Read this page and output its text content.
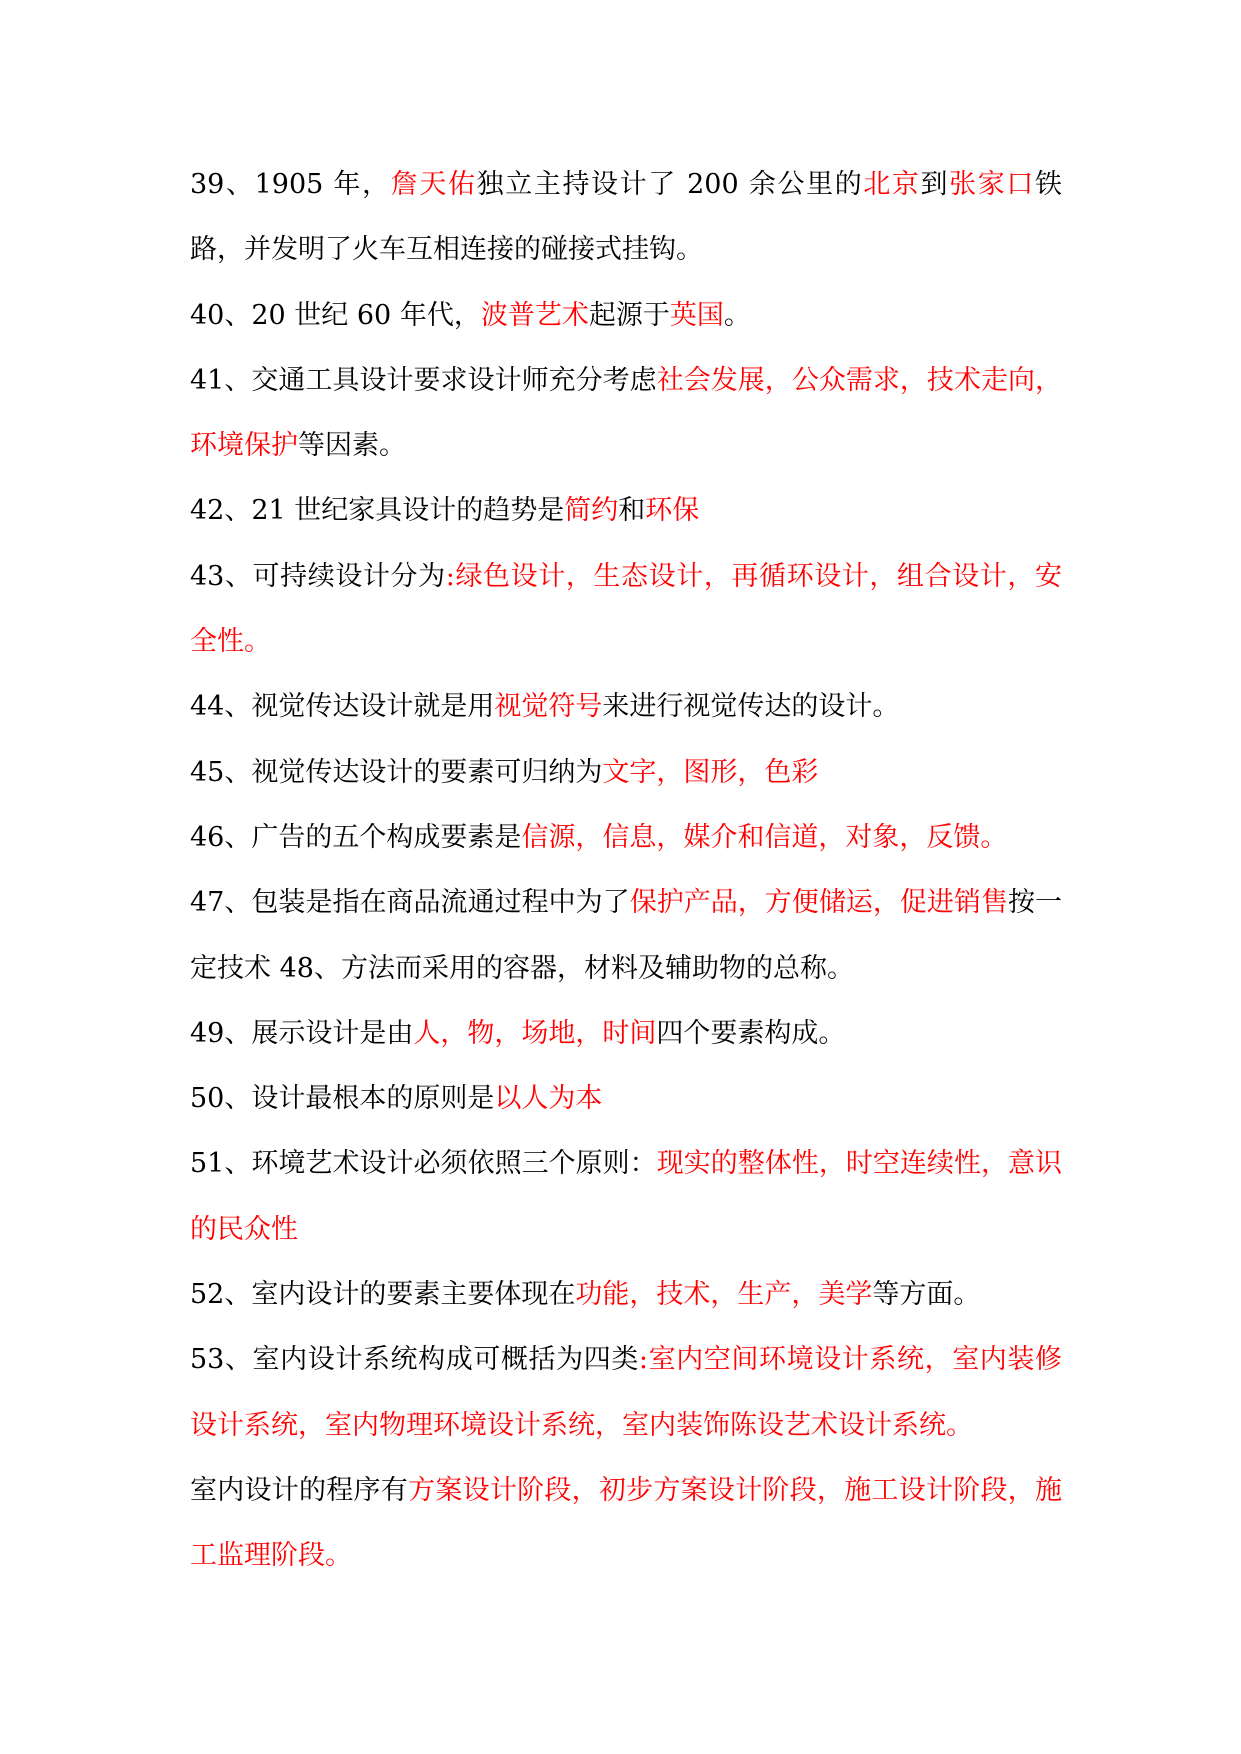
39、1905 年，詹天佑独立主持设计了 200 余公里的北京到张家口铁路，并发明了火车互相连接的碰接式挂钩。

40、20 世纪 60 年代，波普艺术起源于英国。

41、交通工具设计要求设计师充分考虑社会发展，公众需求，技术走向，环境保护等因素。

42、21 世纪家具设计的趋势是简约和环保

43、可持续设计分为:绿色设计，生态设计，再循环设计，组合设计，安全性。

44、视觉传达设计就是用视觉符号来进行视觉传达的设计。

45、视觉传达设计的要素可归纳为文字，图形，色彩

46、广告的五个构成要素是信源，信息，媒介和信道，对象，反馈。

47、包装是指在商品流通过程中为了保护产品，方便储运，促进销售按一定技术 48、方法而采用的容器，材料及辅助物的总称。

49、展示设计是由人，物，场地，时间四个要素构成。

50、设计最根本的原则是以人为本

51、环境艺术设计必须依照三个原则：现实的整体性，时空连续性，意识的民众性

52、室内设计的要素主要体现在功能，技术，生产，美学等方面。

53、室内设计系统构成可概括为四类:室内空间环境设计系统，室内装修设计系统，室内物理环境设计系统，室内装饰陈设艺术设计系统。

室内设计的程序有方案设计阶段，初步方案设计阶段，施工设计阶段，施工监理阶段。
